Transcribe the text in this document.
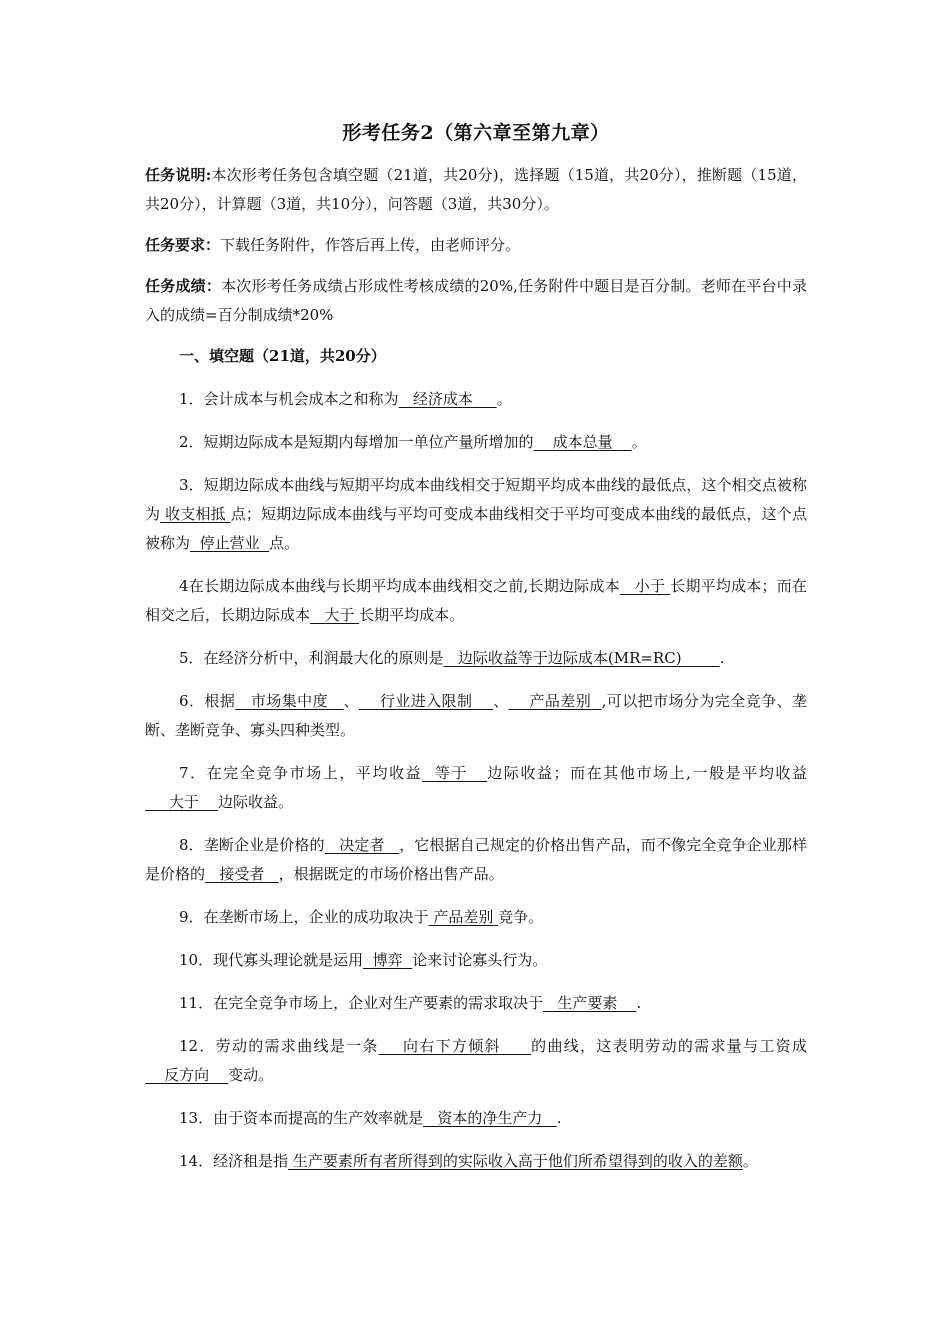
形考任务2（第六章至第九章）
任务说明:本次形考任务包含填空题（21道，共20分)，选择题（15道，共20分），推断题（15道，共20分），计算题（3道，共10分），问答题（3道，共30分）。
任务要求：下载任务附件，作答后再上传，由老师评分。
任务成绩：本次形考任务成绩占形成性考核成绩的20%,任务附件中题目是百分制。老师在平台中录入的成绩=百分制成绩*20%
一、填空题（21道，共20分）
1．会计成本与机会成本之和称为 经济成本 。
2．短期边际成本是短期内每增加一单位产量所增加的 成本总量 。
3．短期边际成本曲线与短期平均成本曲线相交于短期平均成本曲线的最低点，这个相交点被称为 收支相抵 点；短期边际成本曲线与平均可变成本曲线相交于平均可变成本曲线的最低点，这个点被称为 停止营业 点。
4在长期边际成本曲线与长期平均成本曲线相交之前,长期边际成本 小于 长期平均成本；而在相交之后，长期边际成本 大于 长期平均成本。
5．在经济分析中，利润最大化的原则是 边际收益等于边际成本(MR=RC)	.
6．根据 市场集中度 、 行业进入限制 、 产品差别 ,可以把市场分为完全竞争、垄断、垄断竞争、寡头四种类型。
7．在完全竞争市场上，平均收益 等于 边际收益；而在其他市场上,一般是平均收益     大于 边际收益。
8．垄断企业是价格的 决定者 ，它根据自己规定的价格出售产品，而不像完全竞争企业那样是价格的 接受者 ，根据既定的市场价格出售产品。
9．在垄断市场上，企业的成功取决于 产品差别 竞争。
10．现代寡头理论就是运用 博弈 论来讨论寡头行为。
11．在完全竞争市场上，企业对生产要素的需求取决于 生产要素 .
12．劳动的需求曲线是一条 向右下方倾斜 的曲线，这表明劳动的需求量与工资成    反方向 变动。
13．由于资本而提高的生产效率就是 资本的净生产力 .
14．经济租是指 生产要素所有者所得到的实际收入高于他们所希望得到的收入的差额。
